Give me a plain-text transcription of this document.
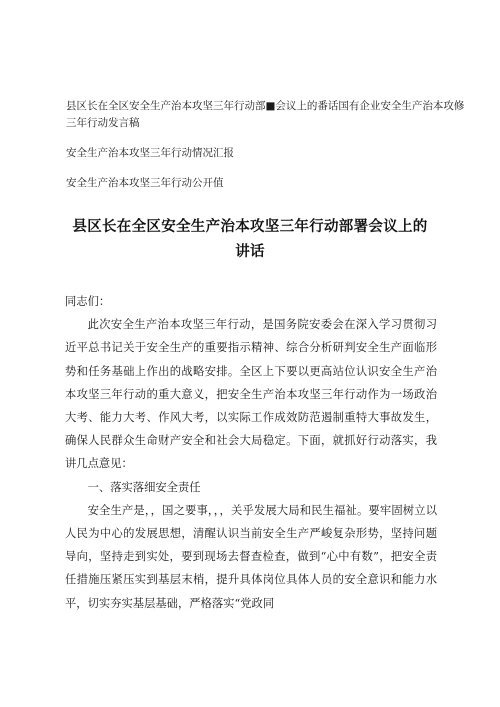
县区长在全区安全生产治本攻坚三年行动部■会议上的番话国有企业安全生产治本攻修三年行动发言稿

安全生产治本攻坚三年行动情况汇报

安全生产治本攻坚三年行动公开值

县区长在全区安全生产治本攻坚三年行动部署会议上的讲话

同志们：

此次安全生产治本攻坚三年行动，是国务院安委会在深入学习贯彻习近平总书记关于安全生产的重要指示精神、综合分析研判安全生产面临形势和任务基础上作出的战略安排。全区上下要以更高站位认识安全生产治本攻坚三年行动的重大意义，把安全生产治本攻坚三年行动作为一场政治大考、能力大考、作风大考，以实际工作成效防范遏制重特大事故发生，确保人民群众生命财产安全和社会大局稳定。下面，就抓好行动落实，我讲几点意见：

一、落实落细安全责任

安全生产是，，国之要事，，，关乎发展大局和民生福祉。要牢固树立以人民为中心的发展思想，清醒认识当前安全生产严峻复杂形势，坚持问题导向，坚持走到实处，要到现场去督查检查，做到“心中有数”，把安全责任措施压紧压实到基层末梢，提升具体岗位具体人员的安全意识和能力水平，切实夯实基层基础，严格落实“党政同
